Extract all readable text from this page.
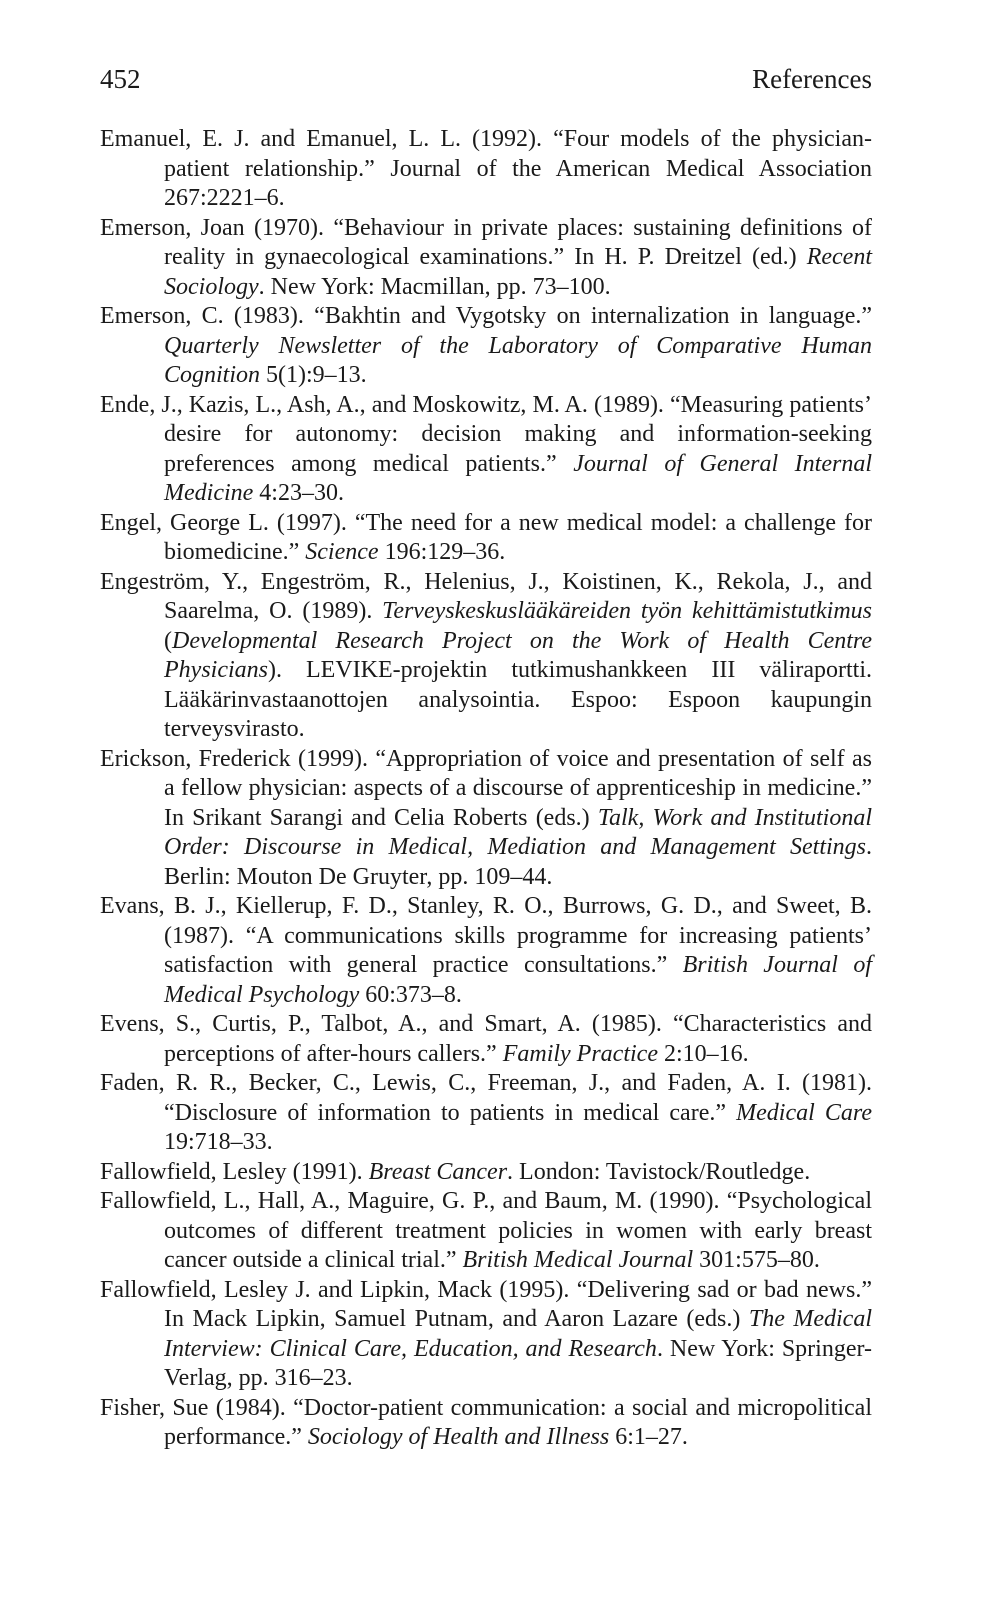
452	References
Emanuel, E. J. and Emanuel, L. L. (1992). “Four models of the physician-patient relationship.” Journal of the American Medical Association 267:2221–6.
Emerson, Joan (1970). “Behaviour in private places: sustaining definitions of reality in gynaecological examinations.” In H. P. Dreitzel (ed.) Recent Sociology. New York: Macmillan, pp. 73–100.
Emerson, C. (1983). “Bakhtin and Vygotsky on internalization in language.” Quarterly Newsletter of the Laboratory of Comparative Human Cognition 5(1):9–13.
Ende, J., Kazis, L., Ash, A., and Moskowitz, M. A. (1989). “Measuring patients’ desire for autonomy: decision making and information-seeking preferences among medical patients.” Journal of General Internal Medicine 4:23–30.
Engel, George L. (1997). “The need for a new medical model: a challenge for biomedicine.” Science 196:129–36.
Engeström, Y., Engeström, R., Helenius, J., Koistinen, K., Rekola, J., and Saarelma, O. (1989). Terveyskeskuslääkäreiden työn kehittämistutkimus (Developmental Research Project on the Work of Health Centre Physicians). LEVIKE-projektin tutkimushankkeen III väliraportti. Lääkärinvastaanottojen analysointia. Espoo: Espoon kaupungin terveysvirasto.
Erickson, Frederick (1999). “Appropriation of voice and presentation of self as a fellow physician: aspects of a discourse of apprenticeship in medicine.” In Srikant Sarangi and Celia Roberts (eds.) Talk, Work and Institutional Order: Discourse in Medical, Mediation and Management Settings. Berlin: Mouton De Gruyter, pp. 109–44.
Evans, B. J., Kiellerup, F. D., Stanley, R. O., Burrows, G. D., and Sweet, B. (1987). “A communications skills programme for increasing patients’ satisfaction with general practice consultations.” British Journal of Medical Psychology 60:373–8.
Evens, S., Curtis, P., Talbot, A., and Smart, A. (1985). “Characteristics and perceptions of after-hours callers.” Family Practice 2:10–16.
Faden, R. R., Becker, C., Lewis, C., Freeman, J., and Faden, A. I. (1981). “Disclosure of information to patients in medical care.” Medical Care 19:718–33.
Fallowfield, Lesley (1991). Breast Cancer. London: Tavistock/Routledge.
Fallowfield, L., Hall, A., Maguire, G. P., and Baum, M. (1990). “Psychological outcomes of different treatment policies in women with early breast cancer outside a clinical trial.” British Medical Journal 301:575–80.
Fallowfield, Lesley J. and Lipkin, Mack (1995). “Delivering sad or bad news.” In Mack Lipkin, Samuel Putnam, and Aaron Lazare (eds.) The Medical Interview: Clinical Care, Education, and Research. New York: Springer-Verlag, pp. 316–23.
Fisher, Sue (1984). “Doctor-patient communication: a social and micropolitical performance.” Sociology of Health and Illness 6:1–27.
